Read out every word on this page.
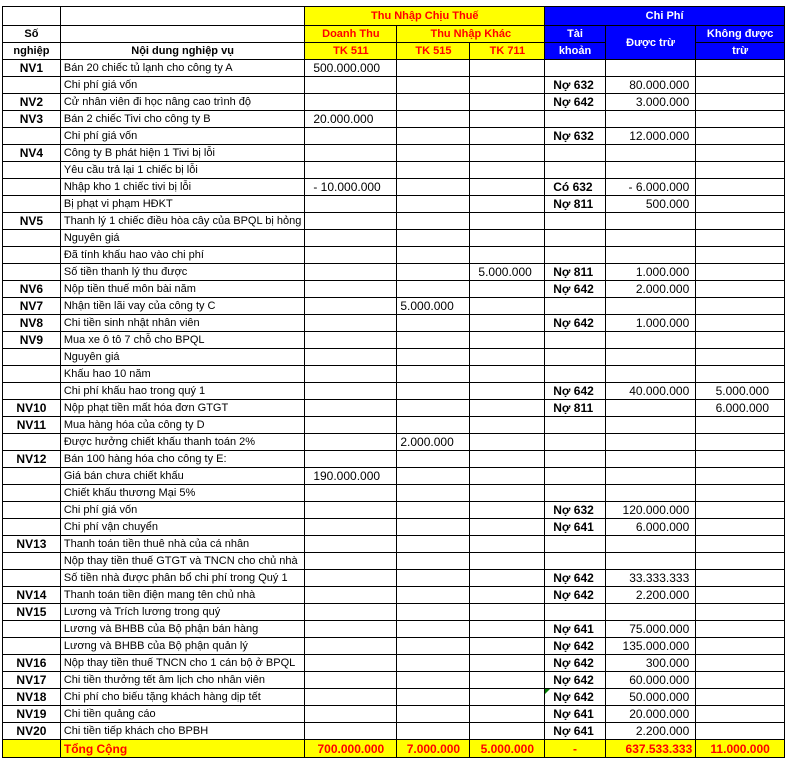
		Thu Nhập Chịu Thuế			Chi Phí		
Số		Doanh Thu	Thu Nhập Khác		Tài	Được trừ	Không được
nghiệp	Nội dung nghiệp vụ	TK 511	TK 515	TK 711	khoản		trừ
NV1	Bán 20 chiếc tủ lạnh cho công ty A	500.000.000					
	Chi phí giá vốn				Nợ 632	80.000.000	
NV2	Cử nhân viên đi học nâng cao trình độ				Nợ 642	3.000.000	
NV3	Bán 2 chiếc Tivi cho công ty B	20.000.000					
	Chi phí giá vốn				Nợ 632	12.000.000	
NV4	Công ty B phát hiện 1 Tivi bị lỗi						
	Yêu cầu trả lại 1 chiếc bị lỗi						
	Nhập kho 1 chiếc tivi bị lỗi	- 10.000.000			Có 632	- 6.000.000	
	Bị phạt vi phạm HĐKT				Nợ 811	500.000	
NV5	Thanh lý 1 chiếc điều hòa cây của BPQL bị hỏng						
	Nguyên giá						
	Đã tính khấu hao vào chi phí						
	Số tiền thanh lý thu được			5.000.000	Nợ 811	1.000.000	
NV6	Nộp tiền thuế môn bài năm				Nợ 642	2.000.000	
NV7	Nhận tiền lãi vay của công ty C		5.000.000				
NV8	Chi tiền sinh nhật nhân viên				Nợ 642	1.000.000	
NV9	Mua xe ô tô 7 chỗ cho BPQL						
	Nguyên giá						
	Khấu hao 10 năm						
	Chi phí khấu hao trong quý 1				Nợ 642	40.000.000	5.000.000
NV10	Nộp phạt tiền mất hóa đơn GTGT				Nợ 811		6.000.000
NV11	Mua hàng hóa của công ty D						
	Được hưởng chiết khấu thanh toán 2%		2.000.000				
NV12	Bán 100 hàng hóa cho công ty E:						
	Giá bán chưa chiết khấu	190.000.000					
	Chiết khấu thương Mại 5%						
	Chi phí giá vốn				Nợ 632	120.000.000	
	Chi phí vận chuyển				Nợ 641	6.000.000	
NV13	Thanh toán tiền thuê nhà của cá nhân						
	Nộp thay tiền thuế GTGT và TNCN cho chủ nhà						
	Số tiền nhà được phân bổ chi phí trong Quý 1				Nợ 642	33.333.333	
NV14	Thanh toán tiền điện mang tên chủ nhà				Nợ 642	2.200.000	
NV15	Lương và Trích lương trong quý						
	Lương và BHBB của Bộ phận bán hàng				Nợ 641	75.000.000	
	Lương và BHBB của Bộ phận quản lý				Nợ 642	135.000.000	
NV16	Nộp thay tiền thuế TNCN cho 1 cán bộ ở BPQL				Nợ 642	300.000	
NV17	Chi tiền thưởng tết âm lịch cho nhân viên				Nợ 642	60.000.000	
NV18	Chi phí cho biếu tặng khách hàng dịp tết				Nợ 642	50.000.000	
NV19	Chi tiền quảng cáo				Nợ 641	20.000.000	
NV20	Chi tiền tiếp khách cho BPBH				Nợ 641	2.200.000	
	Tổng Cộng	700.000.000	7.000.000	5.000.000	-	637.533.333	11.000.000
